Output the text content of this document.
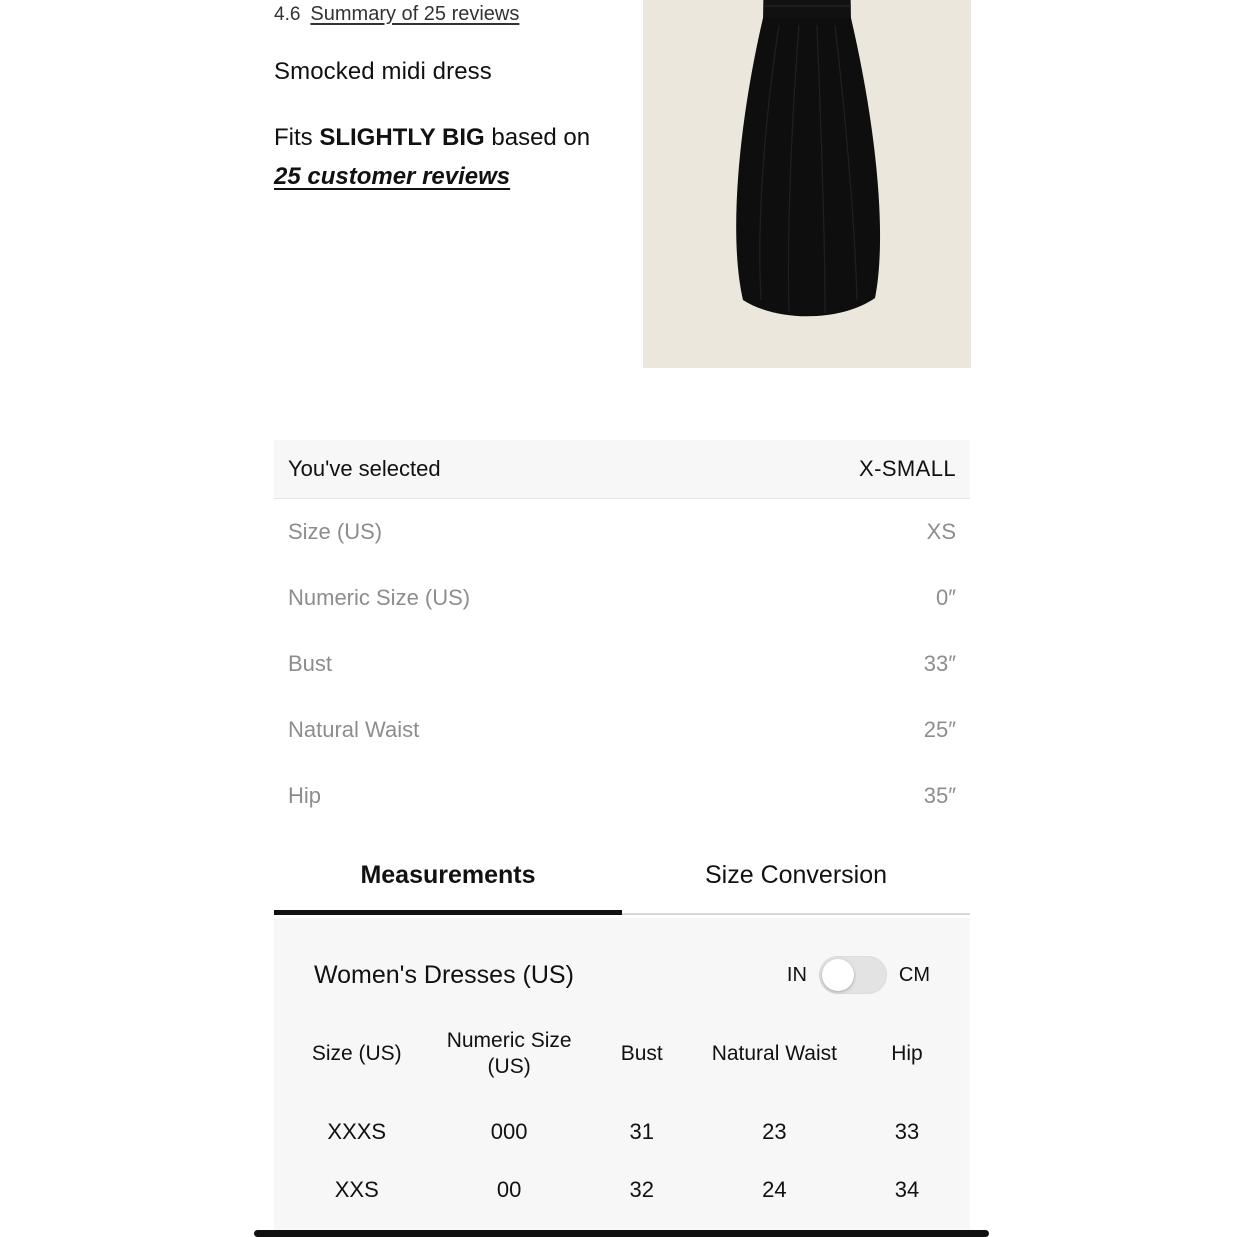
4.6 Summary of 25 reviews
Smocked midi dress
Fits SLIGHTLY BIG based on
25 customer reviews
You've selected	X-SMALL
Size (US)	XS
Numeric Size (US)	0″
Bust	33″
Natural Waist	25″
Hip	35″
Measurements	Size Conversion
Women's Dresses (US)	IN	CM
Size (US)	Numeric Size (US)	Bust	Natural Waist	Hip
XXXS	000	31	23	33
XXS	00	32	24	34
